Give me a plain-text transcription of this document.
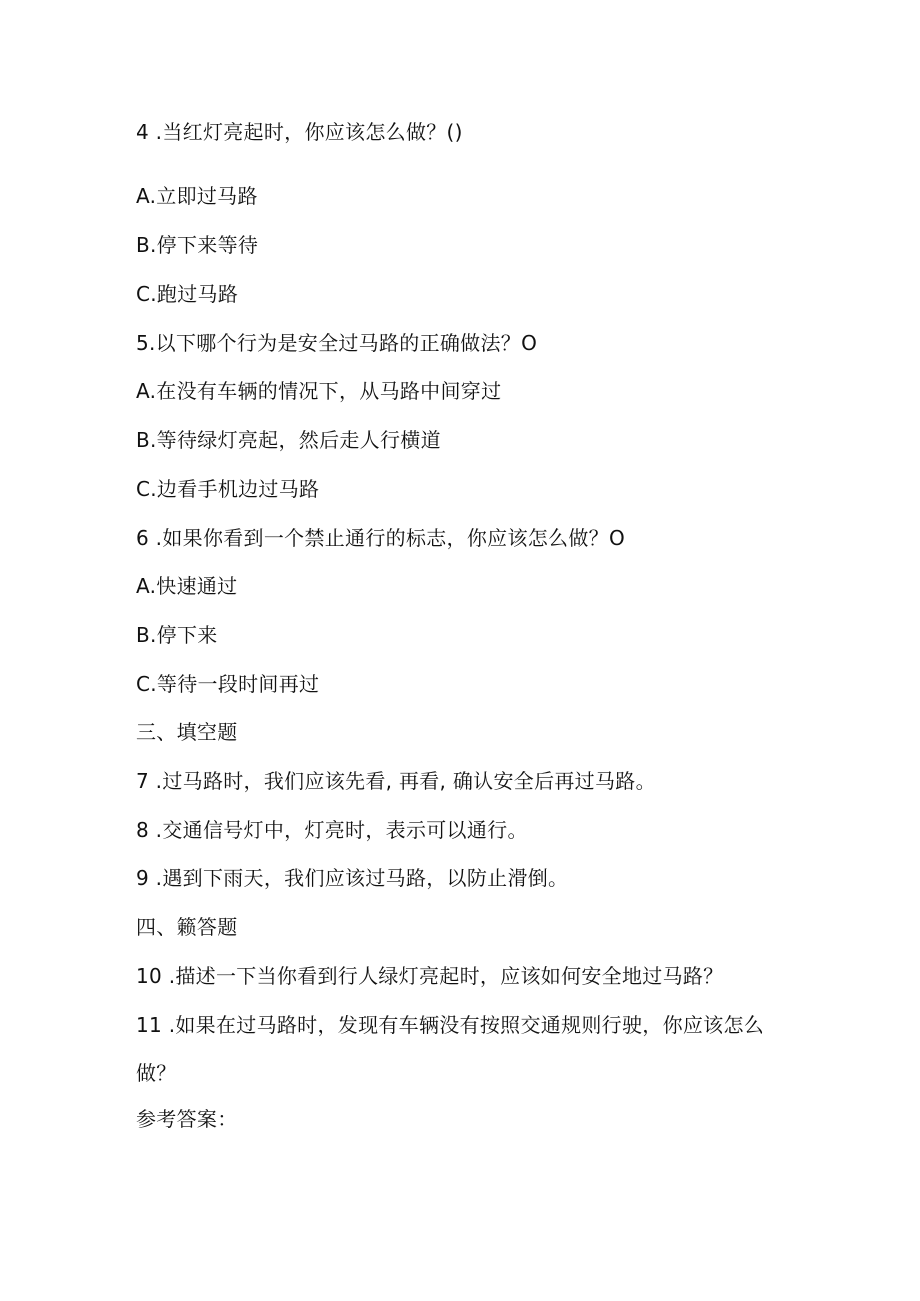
4 .当红灯亮起时，你应该怎么做？()
A.立即过马路
B.停下来等待
C.跑过马路
5.以下哪个行为是安全过马路的正确做法？O
A.在没有车辆的情况下，从马路中间穿过
B.等待绿灯亮起，然后走人行横道
C.边看手机边过马路
6 .如果你看到一个禁止通行的标志，你应该怎么做？O
A.快速通过
B.停下来
C.等待一段时间再过
三、填空题
7 .过马路时，我们应该先看, 再看, 确认安全后再过马路。
8 .交通信号灯中，灯亮时，表示可以通行。
9 .遇到下雨天，我们应该过马路，以防止滑倒。
四、籁答题
10 .描述一下当你看到行人绿灯亮起时，应该如何安全地过马路？
11 .如果在过马路时，发现有车辆没有按照交通规则行驶，你应该怎么做？
参考答案：
